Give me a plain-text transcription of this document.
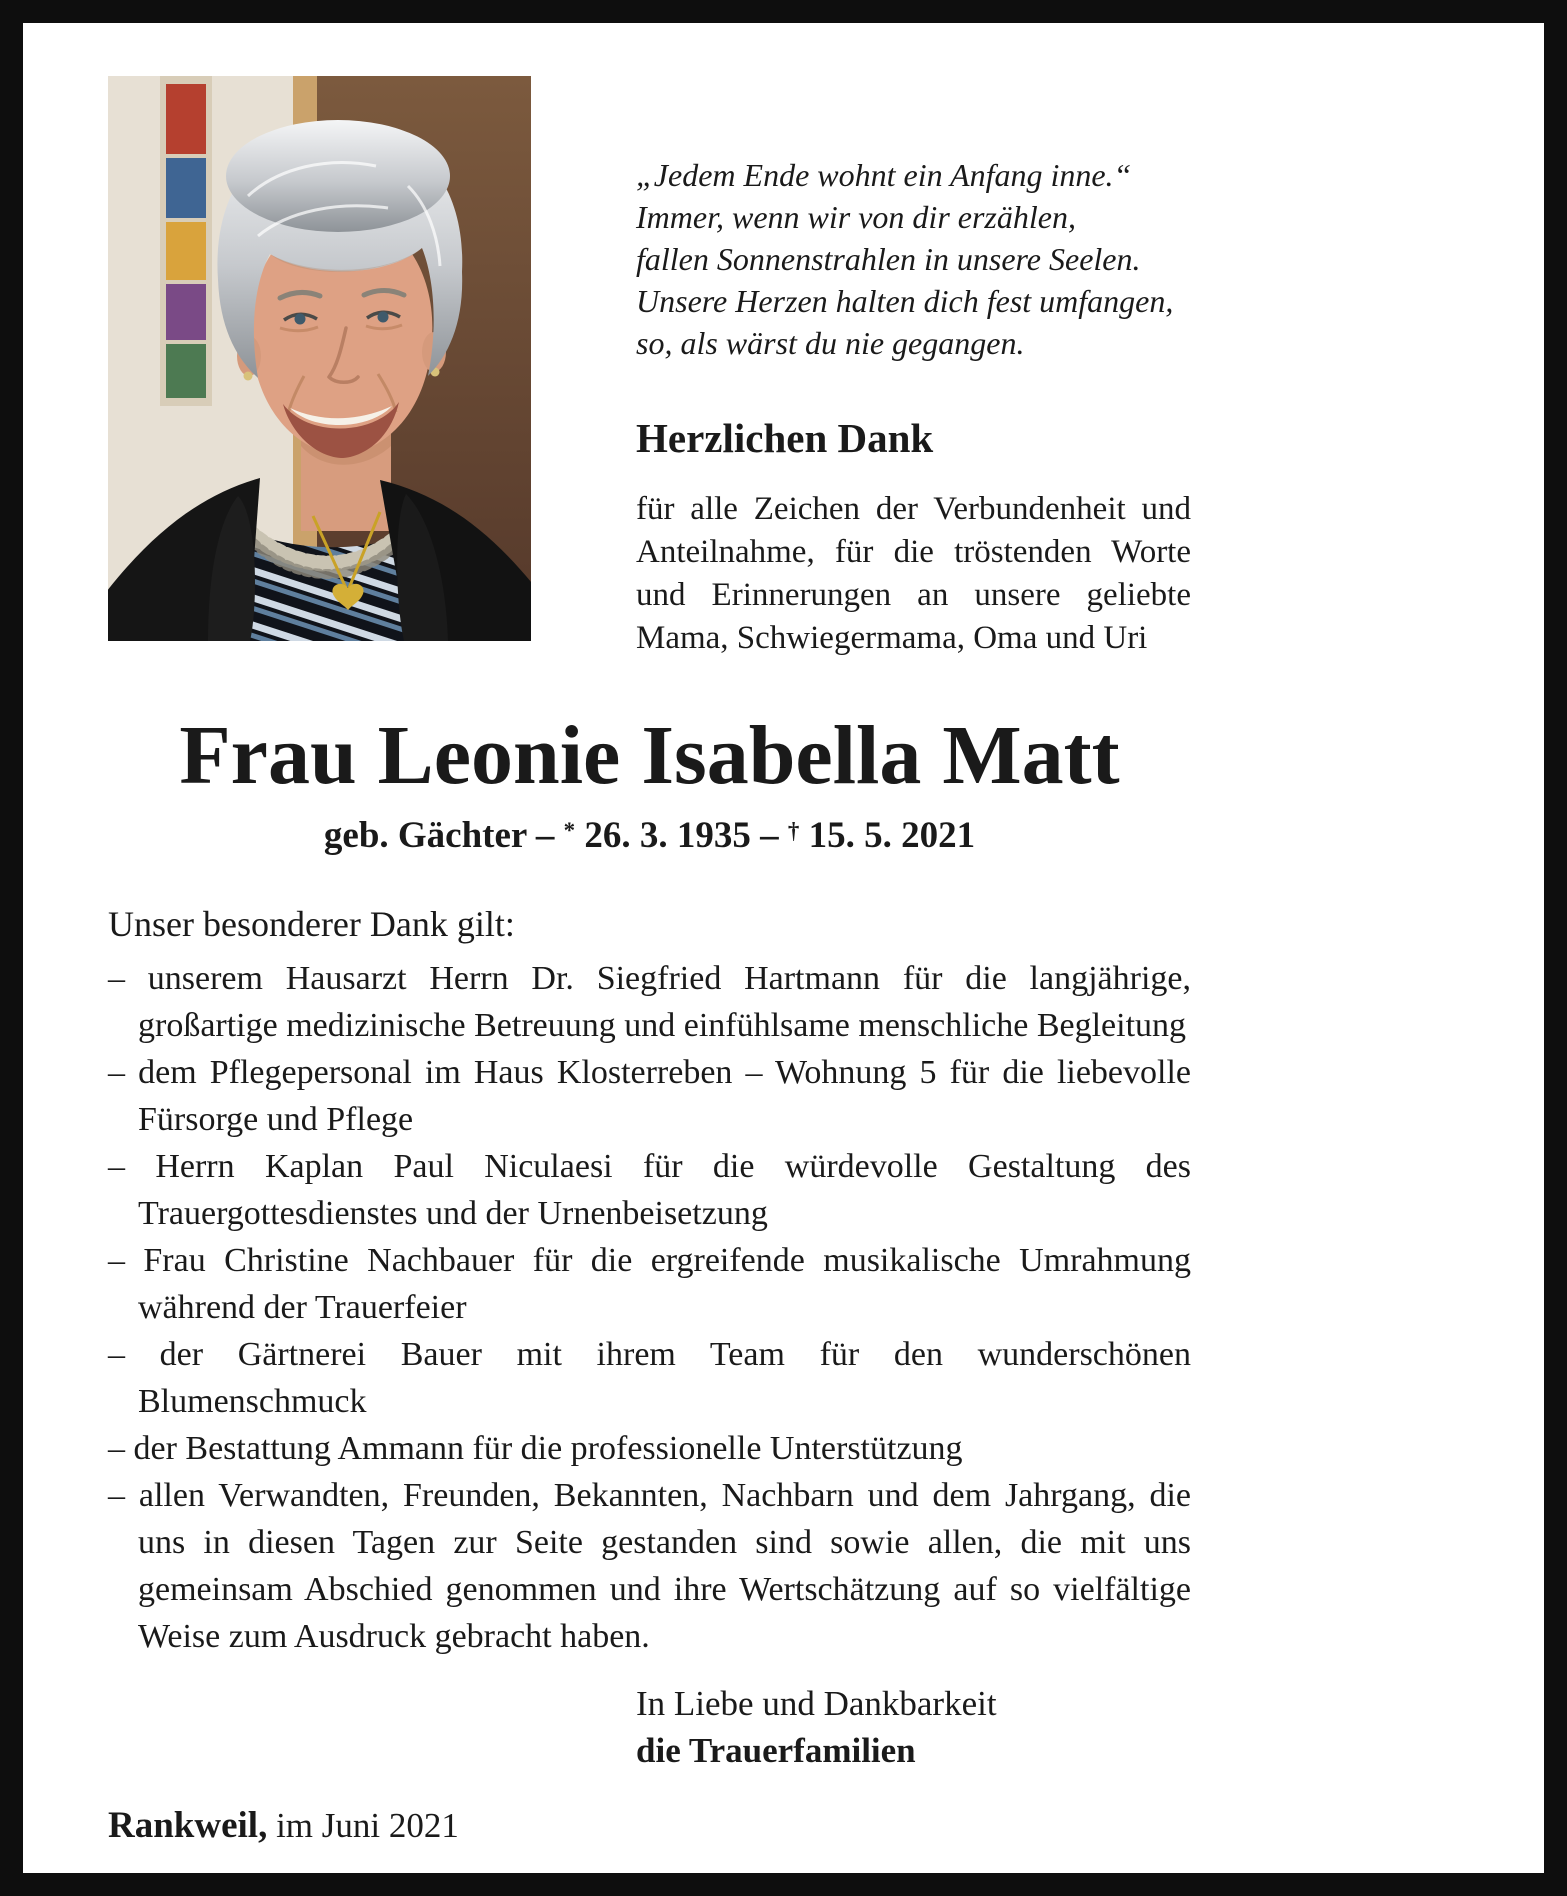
„Jedem Ende wohnt ein Anfang inne.“
Immer, wenn wir von dir erzählen,
fallen Sonnenstrahlen in unsere Seelen.
Unsere Herzen halten dich fest umfangen,
so, als wärst du nie gegangen.
Herzlichen Dank
für alle Zeichen der Verbundenheit und Anteilnahme, für die tröstenden Worte und Erinnerungen an unsere geliebte Mama, Schwiegermama, Oma und Uri
Frau Leonie Isabella Matt
geb. Gächter – * 26. 3. 1935 – † 15. 5. 2021
Unser besonderer Dank gilt:
– unserem Hausarzt Herrn Dr. Siegfried Hartmann für die langjährige, großartige medizinische Betreuung und einfühlsame menschliche Begleitung
– dem Pflegepersonal im Haus Klosterreben – Wohnung 5 für die liebevolle Fürsorge und Pflege
– Herrn Kaplan Paul Niculaesi für die würdevolle Gestaltung des Trauergottesdienstes und der Urnenbeisetzung
– Frau Christine Nachbauer für die ergreifende musikalische Umrahmung während der Trauerfeier
– der Gärtnerei Bauer mit ihrem Team für den wunderschönen Blumenschmuck
– der Bestattung Ammann für die professionelle Unterstützung
– allen Verwandten, Freunden, Bekannten, Nachbarn und dem Jahrgang, die uns in diesen Tagen zur Seite gestanden sind sowie allen, die mit uns gemeinsam Abschied genommen und ihre Wertschätzung auf so vielfältige Weise zum Ausdruck gebracht haben.
In Liebe und Dankbarkeit
die Trauerfamilien
Rankweil, im Juni 2021
